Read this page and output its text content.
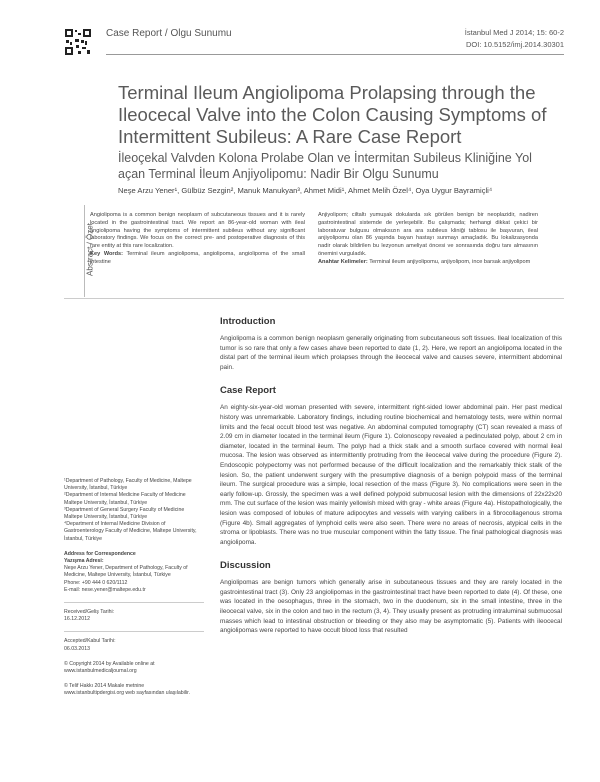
Case Report / Olgu Sunumu	İstanbul Med J 2014; 15: 60-2
DOI: 10.5152/imj.2014.30301
Terminal Ileum Angiolipoma Prolapsing through the Ileocecal Valve into the Colon Causing Symptoms of Intermittent Subileus: A Rare Case Report
İleoçekal Valvden Kolona Prolabe Olan ve İntermitan Subileus Kliniğine Yol açan Terminal İleum Anjiyolipomu: Nadir Bir Olgu Sunumu
Neşe Arzu Yener¹, Gülbüz Sezgin², Manuk Manukyan³, Ahmet Midi¹, Ahmet Melih Özel⁴, Oya Uygur Bayramiçli⁴
Abstract / Özet

Angiolipoma is a common benign neoplasm of subcutaneous tissues and it is rarely located in the gastrointestinal tract. We report an 86-year-old woman with ileal angiolipoma having the symptoms of intermittent subileus without any significant laboratory findings. We focus on the correct pre- and postoperative diagnosis of this rare entity at this rare localization.

Key Words: Terminal ileum angiolipoma, angiolipoma, angiolipoma of the small intestine

Anjiyolipom; ciltaltı yumuşak dokularda sık görülen benign bir neoplazidir, nadiren gastrointestinal sistemde de yerleşebilir. Bu çalışmada; herhangi dikkat çekici bir laboratuvar bulgusu olmaksızın ara ara subileus kliniği tablosu ile başvuran, ileal anjiyolipomu olan 86 yaşında bayan hastayı sunmayı amaçladık. Bu lokalizasyonda nadir olarak bildirilen bu lezyonun ameliyat öncesi ve sonrasında doğru tanı almasının önemini vurguladık.

Anahtar Kelimeler: Terminal ileum anjiyolipomu, anjiyolipom, ince barsak anjiyolipom

Introduction

Angiolipoma is a common benign neoplasm generally originating from subcutaneous soft tissues. Ileal localization of this tumor is so rare that only a few cases ahave been reported to date (1, 2). Here, we report an angiolipoma located in the distal part of the terminal ileum which prolapses through the ileocecal valve and causes severe, intermittent abdominal pain.

Case Report

An eighty-six-year-old woman presented with severe, intermittent right-sided lower abdominal pain. Her past medical history was unremarkable. Laboratory findings, including routine biochemical and hematology tests, were within normal limits and the fecal occult blood test was negative. An abdominal computed tomography (CT) scan revealed a mass of 2.09 cm in diameter located in the terminal ileum (Figure 1). Colonoscopy revealed a pedinculated polyp, about 2 cm in diameter, located in the terminal ileum. The polyp had a thick stalk and a smooth surface covered with normal ileal mucosa. The lesion was observed as intermittently protruding from the ileocecal valve during the procedure (Figure 2). Endoscopic polypectomy was not performed because of the difficult localization and the remarkably thick stalk of the lesion. So, the patient underwent surgery with the presumptive diagnosis of a benign polypoid mass of the terminal ileum. The surgical procedure was a simple, local resection of the mass (Figure 3). No complications were seen in the early follow-up. Grossly, the specimen was a well defined polypoid submucosal lesion with the dimensions of 22x22x20 mm. The cut surface of the lesion was mainly yellowish mixed with gray - white areas (Figure 4a). Histopathologically, the lesion was composed of lobules of mature adipocytes and vessels with varying calibers in a fibrocollagenous stroma (Figure 4b). Small aggregates of lymphoid cells were also seen. There were no areas of necrosis, atypical cells in the stroma or lipoblasts. There was no true muscular component within the fatty tissue. The final pathological diagnosis was angiolipoma.

Discussion

Angiolipomas are benign tumors which generally arise in subcutaneous tissues and they are rarely located in the gastrointestinal tract (3). Only 23 angiolipomas in the gastrointestinal tract have been reported to date (4). Of these, one was located in the oesophagus, three in the stomach, two in the duodenum, six in the small intestine, three in the ileocecal valve, six in the colon and two in the rectum (3, 4). They usually present as protruding intraluminal submucosal masses which lead to intestinal obstruction or bleeding or they also may be asymptomatic (5). Patients with ileocecal angiolipomas were reported to have occult blood loss that resulted

¹Department of Pathology, Faculty of Medicine, Maltepe University, İstanbul, Türkiye

²Department of Internal Medicine Faculty of Medicine Maltepe University, İstanbul, Türkiye

³Department of General Surgery Faculty of Medicine Maltepe University, İstanbul, Türkiye

⁴Department of Internal Medicine Division of Gastroenterology Faculty of Medicine, Maltepe University, İstanbul, Türkiye

Address for Correspondence

Yazışma Adresi:

Neşe Arzu Yener, Department of Pathology, Faculty of Medicine, Maltepe University, İstanbul, Türkiye

Phone: +90 444 0 620/1112

E-mail: nese.yener@maltepe.edu.tr

Received/Geliş Tarihi:

16.12.2012

Accepted/Kabul Tarihi:

06.03.2013

© Copyright 2014 by Available online at www.istanbulmedicaljournal.org
© Telif Hakkı 2014 Makale metnine www.istanbultipdergisi.org web sayfasından ulaşılabilir.
